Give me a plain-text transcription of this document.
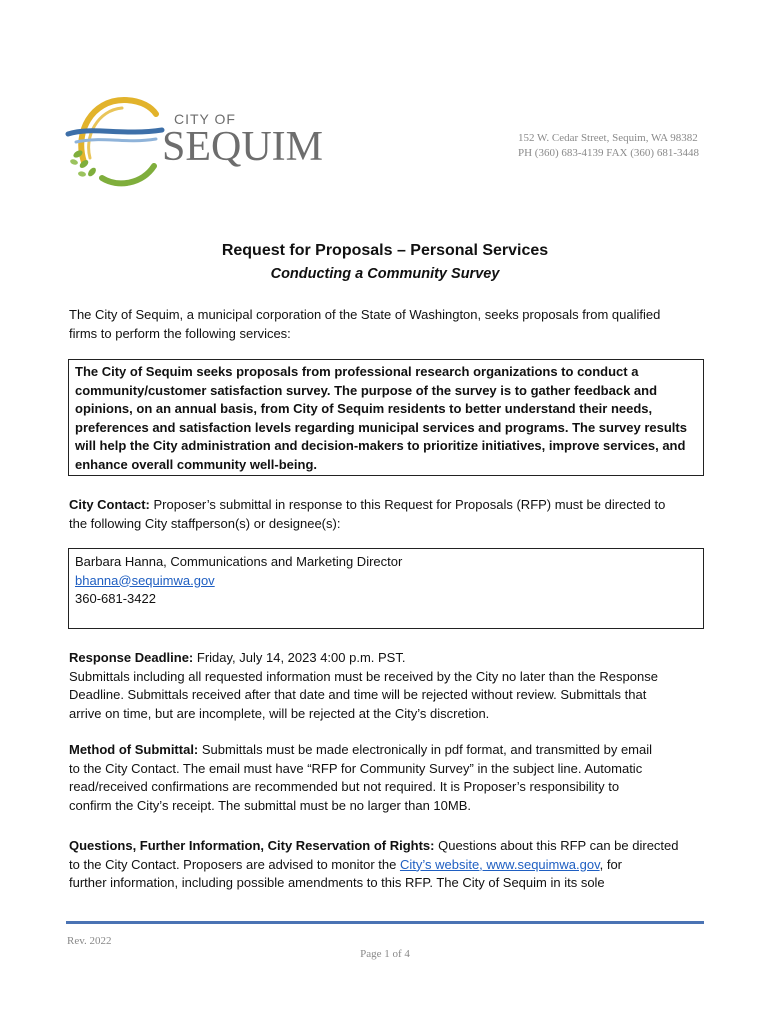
CITY OF
SEQUIM	152 W. Cedar Street, Sequim, WA 98382
PH (360) 683-4139 FAX (360) 681-3448
Request for Proposals – Personal Services
Conducting a Community Survey
The City of Sequim, a municipal corporation of the State of Washington, seeks proposals from qualified
firms to perform the following services:
The City of Sequim seeks proposals from professional research organizations to conduct a
community/customer satisfaction survey. The purpose of the survey is to gather feedback and
opinions, on an annual basis, from City of Sequim residents to better understand their needs,
preferences and satisfaction levels regarding municipal services and programs. The survey results
will help the City administration and decision-makers to prioritize initiatives, improve services, and
enhance overall community well-being.
City Contact: Proposer’s submittal in response to this Request for Proposals (RFP) must be directed to
the following City staffperson(s) or designee(s):
Barbara Hanna, Communications and Marketing Director
bhanna@sequimwa.gov
360-681-3422
Response Deadline: Friday, July 14, 2023 4:00 p.m. PST.
Submittals including all requested information must be received by the City no later than the Response
Deadline. Submittals received after that date and time will be rejected without review. Submittals that
arrive on time, but are incomplete, will be rejected at the City’s discretion.
Method of Submittal: Submittals must be made electronically in pdf format, and transmitted by email
to the City Contact. The email must have “RFP for Community Survey” in the subject line. Automatic
read/received confirmations are recommended but not required. It is Proposer’s responsibility to
confirm the City’s receipt. The submittal must be no larger than 10MB.
Questions, Further Information, City Reservation of Rights: Questions about this RFP can be directed
to the City Contact. Proposers are advised to monitor the City’s website, www.sequimwa.gov, for
further information, including possible amendments to this RFP. The City of Sequim in its sole
Rev. 2022
Page 1 of 4
